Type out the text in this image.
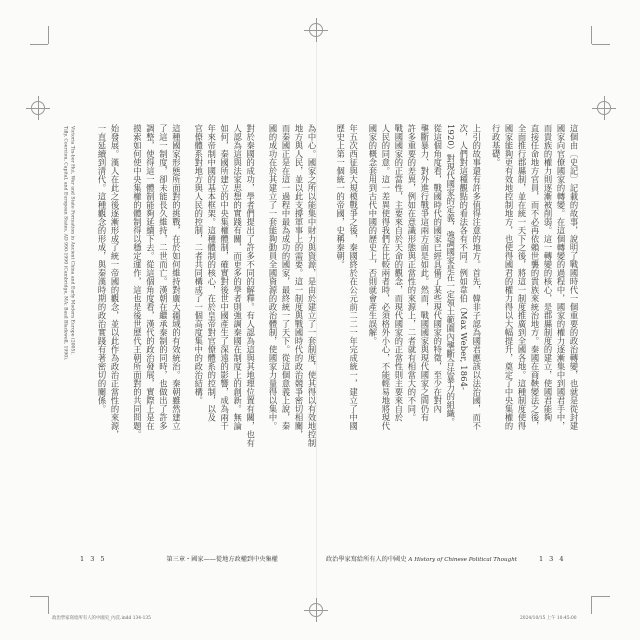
Tilly, Coercion, Capital, and European States, AD 990-1990 (Cambridge, MA: Basil Blackwell, 1990). Victoria Tin-bor Hui, War and State Formation in Ancient China and Early Modern Europe (2005).	為中心。國家之所以能集中財力與資源，是由於建立了一套制度，使其得以有效地控制
地方與人民，並以此支撐軍事上的需要。這一制度與戰國時代的政治競爭密切相關，
而秦國正是在這一過程中最為成功的國家，最終統一了天下。從這個意義上說，秦
國的成功在於其建立了一套能夠動員全國資源的政治體制，使國家力量得以集中。
對於秦國的成功，學者們提出了許多不同的解釋。有人認為這與其地理位置有關，也有
人認為這與法家思想的實踐有關，而更多的學者則強調秦國在制度上的創新。無論
如何，秦國所建立的中央集權體制，確實對後世中國產生了深遠的影響，成為兩千
年來帝制中國的基本框架。這種體制的核心，在於皇帝對官僚體系的控制，以及
官僚體系對地方與人民的控制，二者共同構成了一個高度集中的政治結構。
這種國家形態所面對的挑戰，在於如何維持對廣大疆域的有效統治。秦朝雖然建立
了這一制度，卻未能長久維持，二世而亡。漢朝在繼承秦制的同時，也做出了許多
調整，使得這一體制能夠延續下去。從這個角度看，漢代的政治發展，實際上是在
摸索如何使中央集權的體制得以穩定運作，這也是後世歷代王朝所面對的共同問題。
始發展。漢人在此之後逐漸形成了統一帝國的觀念，並以此作為政治正當性的來源，
一直延續到清代。這種觀念的形成，與秦漢時期的政治實踐有著密切的關係。
1 3 5	第三章・國家——從地方政權到中央集權
這個由〔史記〕記載的故事，說明了戰國時代一個重要的政治轉變，也就是從封建
國家向官僚國家的轉變。在這個轉變的過程中，國家的權力逐漸集中到國君手中，
而貴族的權力則逐漸被削弱。這一轉變的核心，是郡縣制度的建立，使國君能夠
直接任命地方官員，而不必再依賴世襲的貴族來統治地方。秦國在商鞅變法之後，
全面推行郡縣制，並在統一天下之後，將這一制度推廣到全國各地。這種制度使得
國家能夠更有效地控制地方，也使得國君的權力得以大幅提升，奠定了中央集權的
行政基礎。
上引的故事還有許多值得注意的地方。首先，韓非子認為國君應該以法治國，而不
次，人們對這種觀點的看法各有不同。例如韋伯（Max Weber, 1864-
1920）對現代國家的定義，強調國家是在一定領土範圍內壟斷合法暴力的組織。
從這個角度看，戰國時代的國家已經具備了某些現代國家的特徵，至少在對內
壟斷暴力、對外進行戰爭這兩方面是如此。然而，戰國國家與現代國家之間仍有
許多重要的差異，例如在意識形態與正當性的來源上，二者就有相當大的不同。
戰國國家的正當性，主要來自於天命的觀念，而現代國家的正當性則主要來自於
人民的同意。這一差異使得我們在比較兩者時，必須格外小心，不能輕易地將現代
國家的概念套用到古代中國的歷史上，否則就會產生誤解。
年五次西征與大規模戰爭之後，秦國終於在公元前二二一年完成統一，建立了中國
歷史上第一個統一的帝國，史稱秦朝。
政治學家寫給所有人的中國史 A History of Chinese Political Thought	1 3 4
政治學家寫給所有人的中國史_內頁.indd 134-135	2024/10/15 上午 10:45:00
